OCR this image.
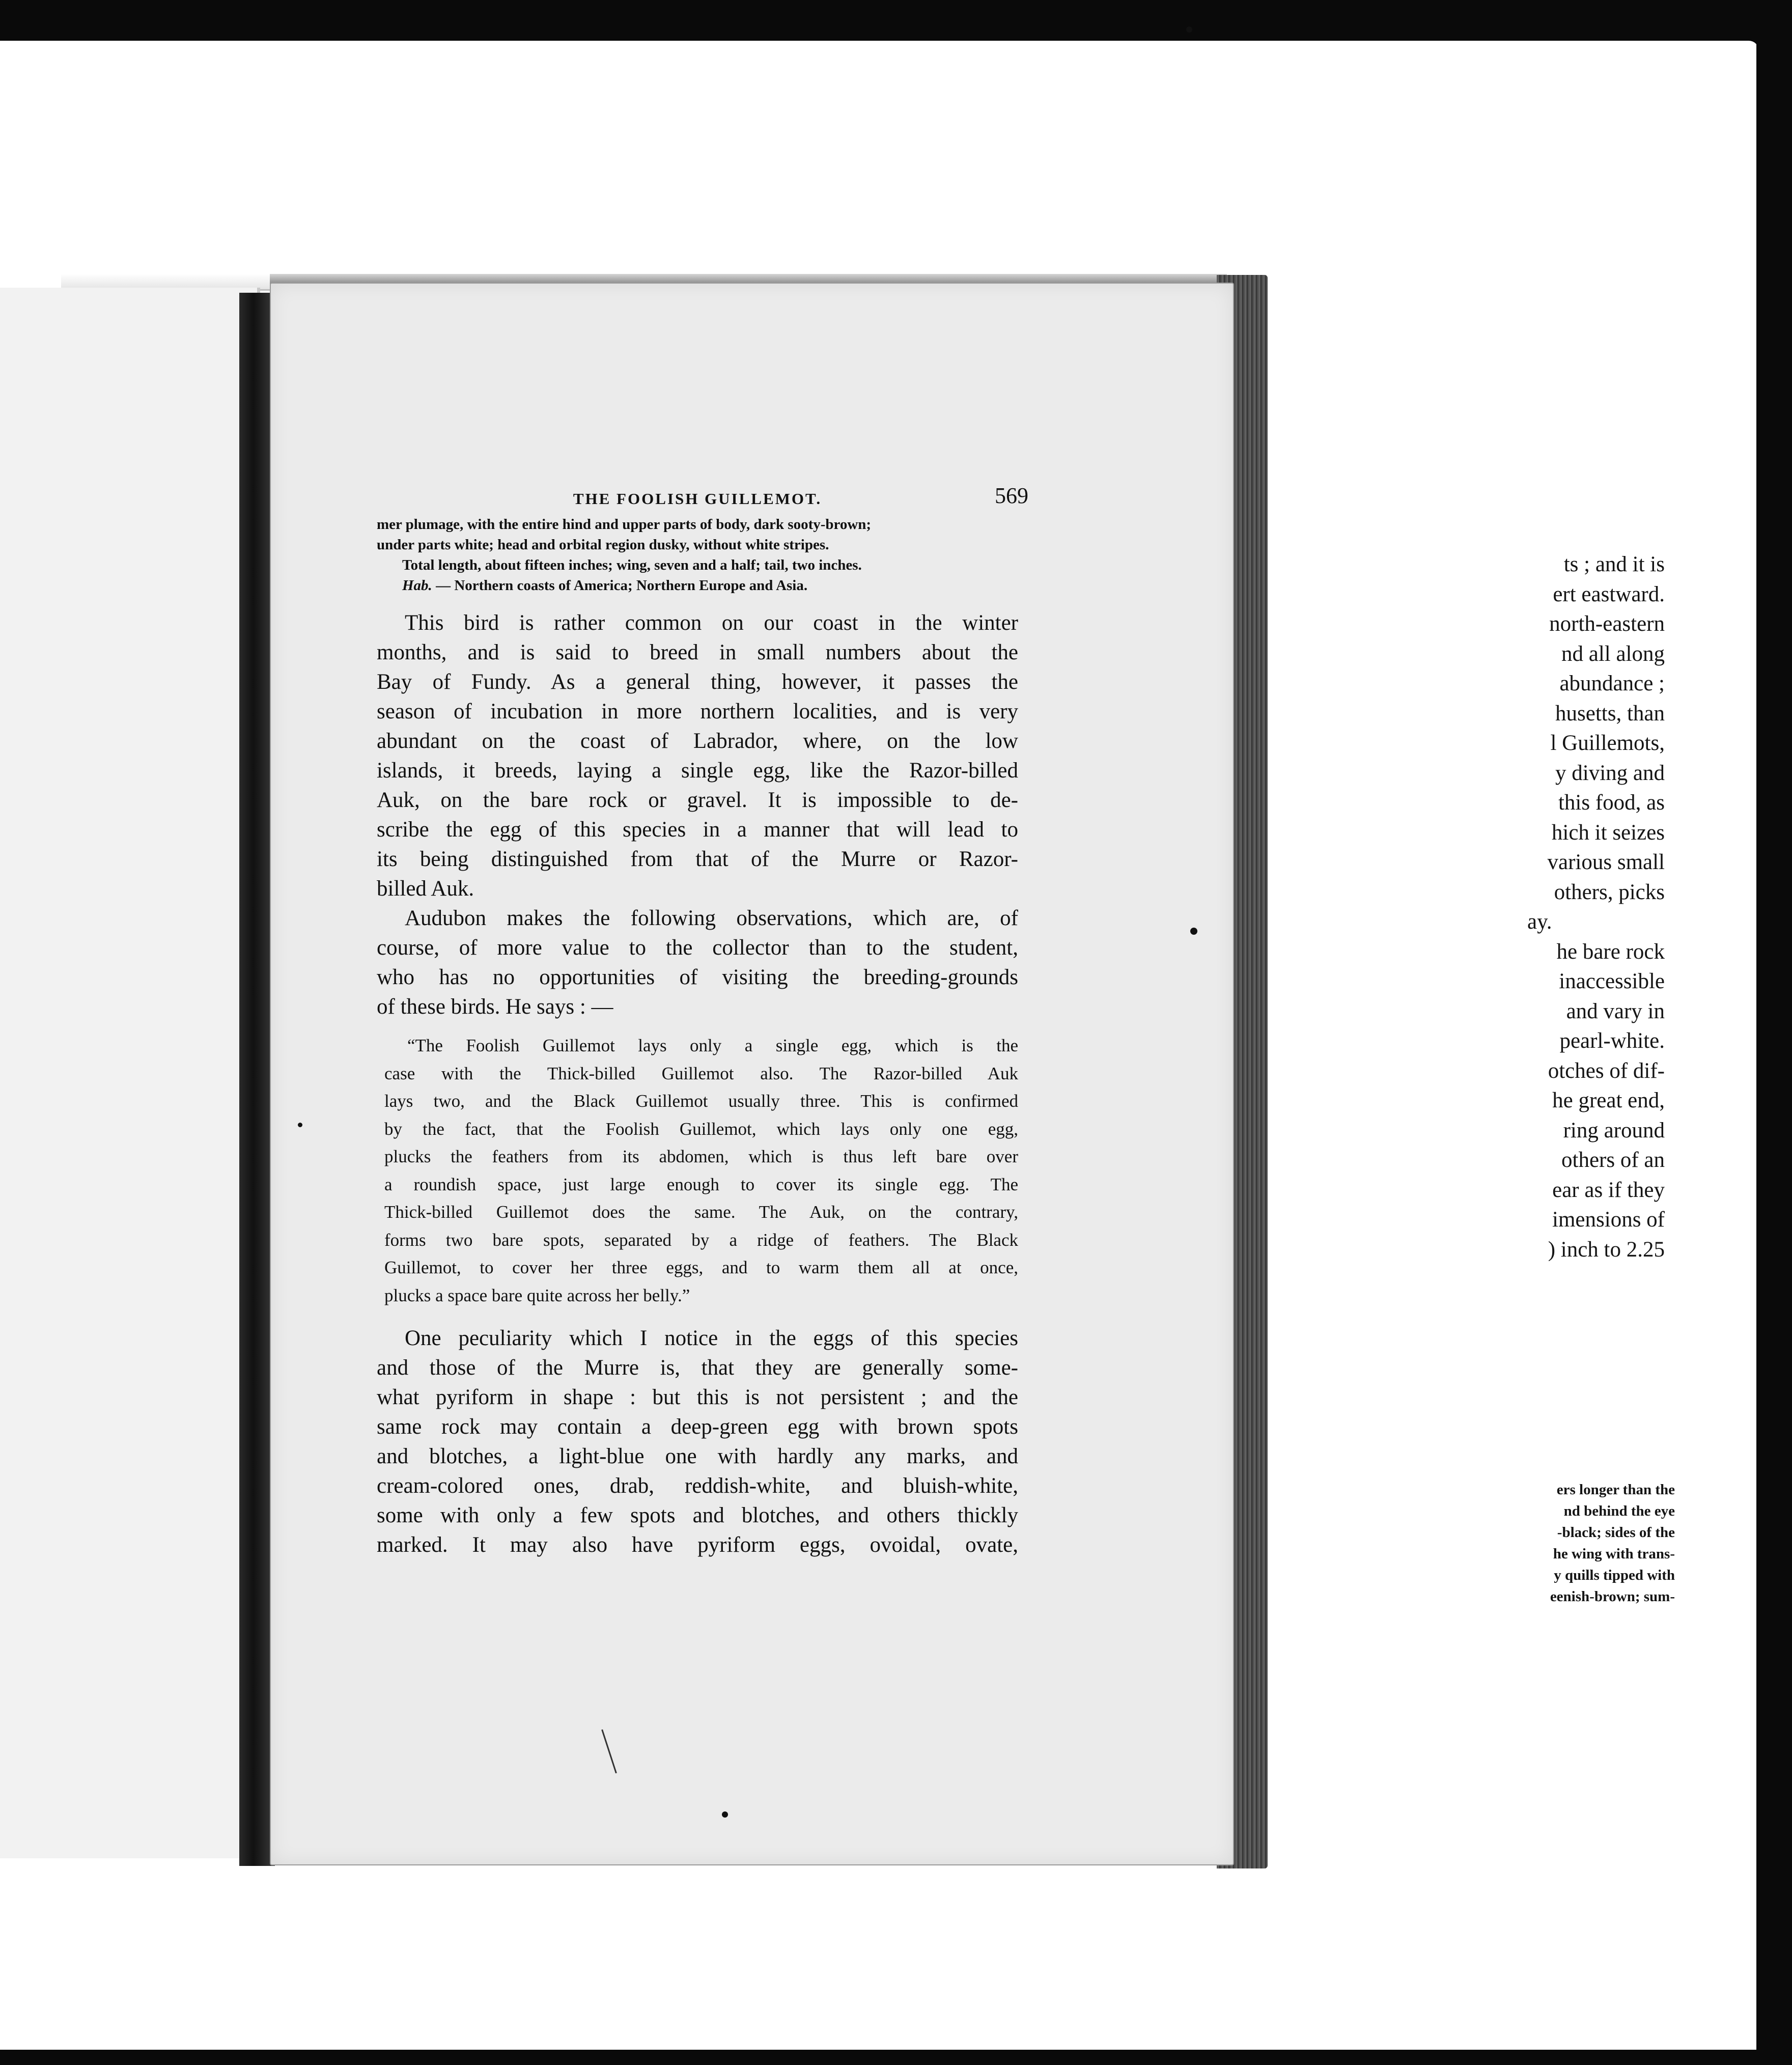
ts ; and it is
ert eastward.
north-eastern
nd all along
abundance ;
husetts, than
l Guillemots,
y diving and
this food, as
hich it seizes
various small
others, picks
ay.
he bare rock
inaccessible
and vary in
pearl-white.
otches of dif-
he great end,
ring around
others of an
ear as if they
imensions of
) inch to 2.25
ers longer than the
nd behind the eye
-black; sides of the
he wing with trans-
y quills tipped with
eenish-brown; sum-
THE FOOLISH GUILLEMOT.	569
mer plumage, with the entire hind and upper parts of body, dark sooty-brown;
under parts white; head and orbital region dusky, without white stripes.
Total length, about fifteen inches; wing, seven and a half; tail, two inches.
Hab. — Northern coasts of America; Northern Europe and Asia.
This bird is rather common on our coast in the winter
months, and is said to breed in small numbers about the
Bay of Fundy. As a general thing, however, it passes the
season of incubation in more northern localities, and is very
abundant on the coast of Labrador, where, on the low
islands, it breeds, laying a single egg, like the Razor-billed
Auk, on the bare rock or gravel. It is impossible to de-
scribe the egg of this species in a manner that will lead to
its being distinguished from that of the Murre or Razor-
billed Auk.
Audubon makes the following observations, which are, of
course, of more value to the collector than to the student,
who has no opportunities of visiting the breeding-grounds
of these birds. He says : —
“The Foolish Guillemot lays only a single egg, which is the
case with the Thick-billed Guillemot also. The Razor-billed Auk
lays two, and the Black Guillemot usually three. This is confirmed
by the fact, that the Foolish Guillemot, which lays only one egg,
plucks the feathers from its abdomen, which is thus left bare over
a roundish space, just large enough to cover its single egg. The
Thick-billed Guillemot does the same. The Auk, on the contrary,
forms two bare spots, separated by a ridge of feathers. The Black
Guillemot, to cover her three eggs, and to warm them all at once,
plucks a space bare quite across her belly.”
One peculiarity which I notice in the eggs of this species
and those of the Murre is, that they are generally some-
what pyriform in shape : but this is not persistent ; and the
same rock may contain a deep-green egg with brown spots
and blotches, a light-blue one with hardly any marks, and
cream-colored ones, drab, reddish-white, and bluish-white,
some with only a few spots and blotches, and others thickly
marked. It may also have pyriform eggs, ovoidal, ovate,
